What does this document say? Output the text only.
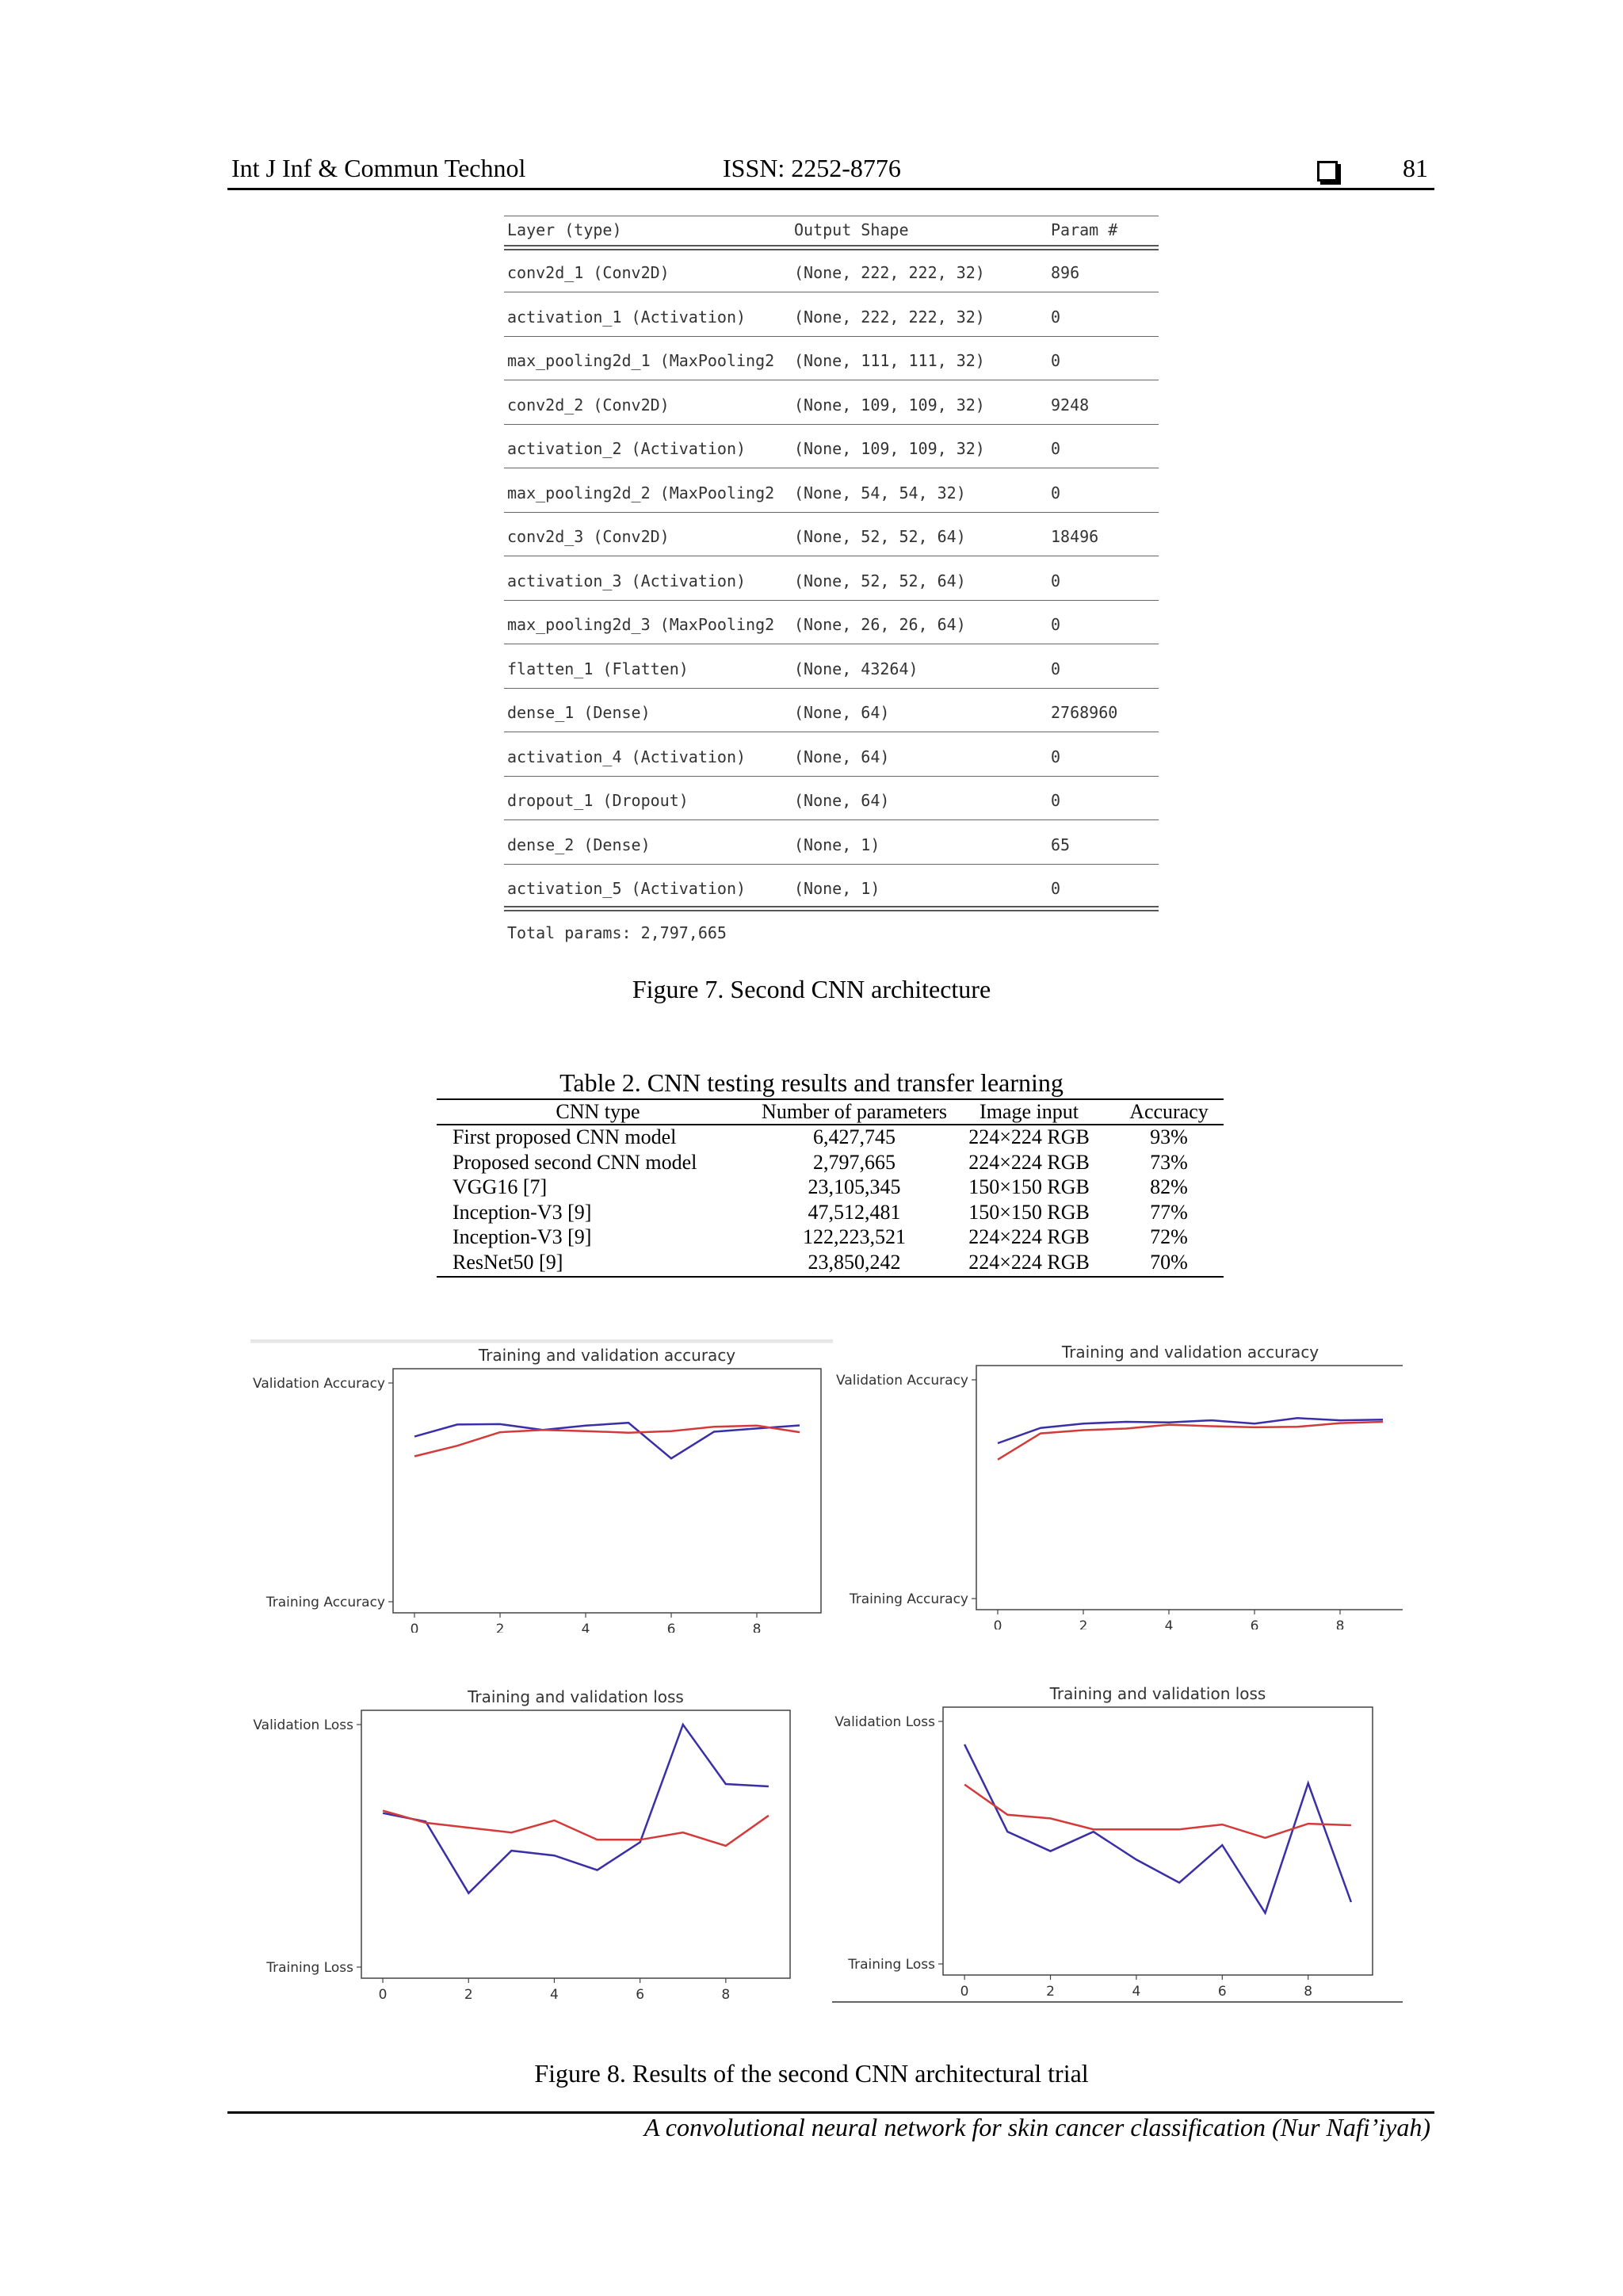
Int J Inf & Commun Technol	ISSN: 2252-8776	81
Layer (type)	Output Shape	Param #
conv2d_1 (Conv2D)	(None, 222, 222, 32)	896
activation_1 (Activation)	(None, 222, 222, 32)	0
max_pooling2d_1 (MaxPooling2 (None, 111, 111, 32)	0
conv2d_2 (Conv2D)	(None, 109, 109, 32)	9248
activation_2 (Activation)	(None, 109, 109, 32)	0
max_pooling2d_2 (MaxPooling2 (None, 54, 54, 32)	0
conv2d_3 (Conv2D)	(None, 52, 52, 64)	18496
activation_3 (Activation)	(None, 52, 52, 64)	0
max_pooling2d_3 (MaxPooling2 (None, 26, 26, 64)	0
flatten_1 (Flatten)	(None, 43264)	0
dense_1 (Dense)	(None, 64)	2768960
activation_4 (Activation)	(None, 64)	0
dropout_1 (Dropout)	(None, 64)	0
dense_2 (Dense)	(None, 1)	65
activation_5 (Activation)	(None, 1)	0
Total params: 2,797,665
Figure 7. Second CNN architecture
Table 2. CNN testing results and transfer learning
CNN type	Number of parameters	Image input	Accuracy
First proposed CNN model	6,427,745	224×224 RGB	93%
Proposed second CNN model	2,797,665	224×224 RGB	73%
VGG16 [7]	23,105,345	150×150 RGB	82%
Inception-V3 [9]	47,512,481	150×150 RGB	77%
Inception-V3 [9]	122,223,521	224×224 RGB	72%
ResNet50 [9]	23,850,242	224×224 RGB	70%
Training and validation accuracy
Validation Accuracy
Training Accuracy
0	2	4	6	8
Training and validation accuracy
Validation Accuracy
Training Accuracy
0	2	4	6	8
Training and validation loss
Validation Loss
Training Loss
0	2	4	6	8
Training and validation loss
Validation Loss
Training Loss
0	2	4	6	8
Figure 8. Results of the second CNN architectural trial
A convolutional neural network for skin cancer classification (Nur Nafi’iyah)
